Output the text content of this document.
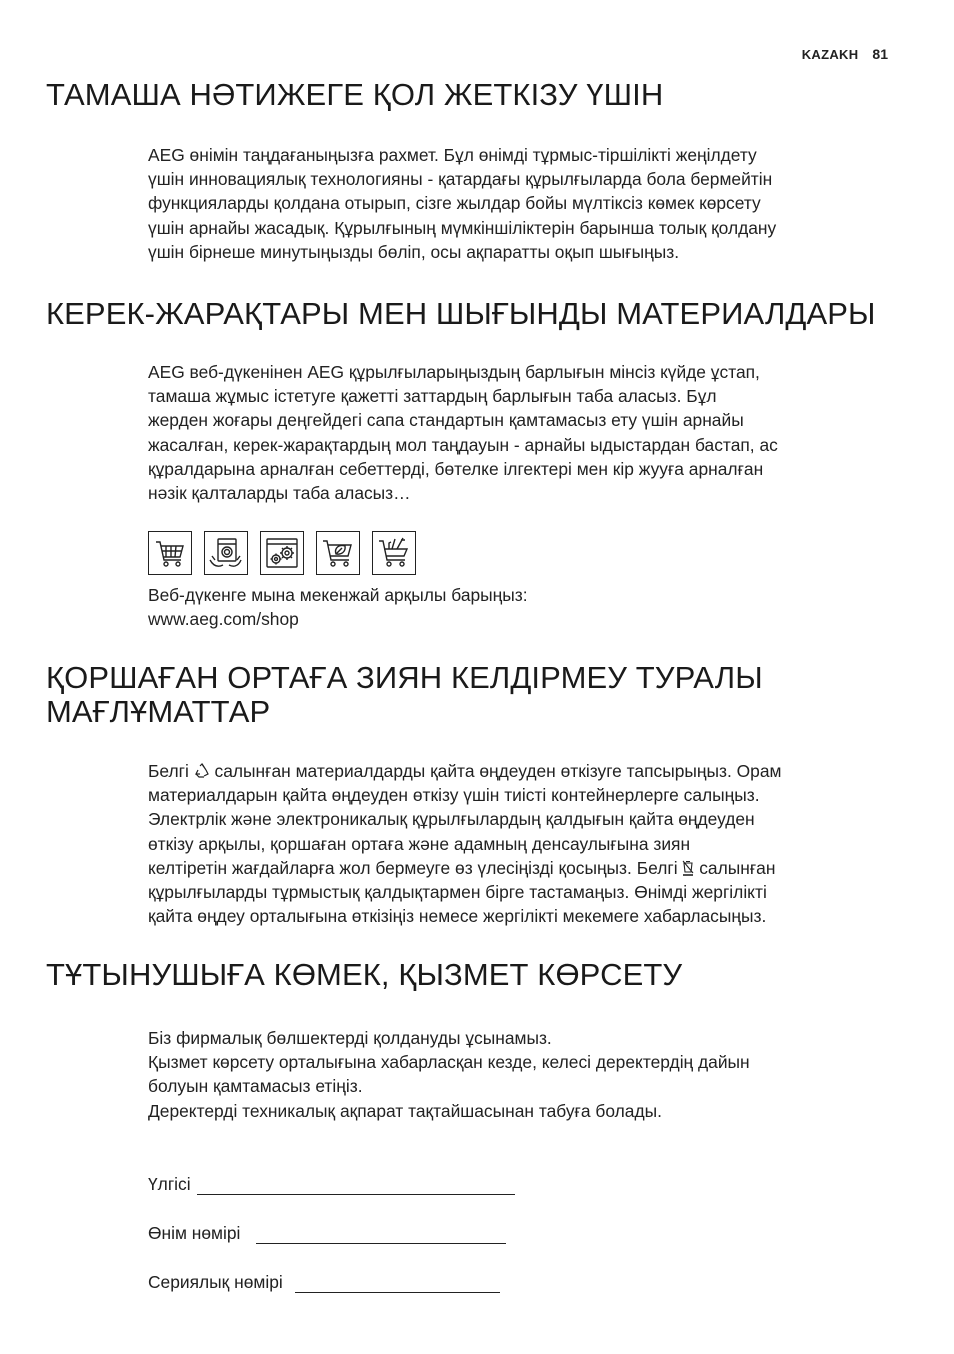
KAZAKH 81
ТАМАША НӘТИЖЕГЕ ҚОЛ ЖЕТКІЗУ ҮШІН
AEG өнімін таңдағаныңызға рахмет. Бұл өнімді тұрмыс-тіршілікті жеңілдету
үшін инновациялық технологияны - қатардағы құрылғыларда бола бермейтін
функцияларды қолдана отырып, сізге жылдар бойы мүлтіксіз көмек көрсету
үшін арнайы жасадық. Құрылғының мүмкіншіліктерін барынша толық қолдану
үшін бірнеше минутыңызды бөліп, осы ақпаратты оқып шығыңыз.
КЕРЕК-ЖАРАҚТАРЫ МЕН ШЫҒЫНДЫ МАТЕРИАЛДАРЫ
AEG веб-дүкенінен AEG құрылғыларыңыздың барлығын мінсіз күйде ұстап,
тамаша жұмыс істетуге қажетті заттардың барлығын таба аласыз. Бұл
жерден жоғары деңгейдегі сапа стандартын қамтамасыз ету үшін арнайы
жасалған, керек-жарақтардың мол таңдауын - арнайы ыдыстардан бастап, ас
құралдарына арналған себеттерді, бөтелке ілгектері мен кір жууға арналған
нәзік қалталарды таба аласыз…
Веб-дүкенге мына мекенжай арқылы барыңыз:
www.aeg.com/shop
ҚОРШАҒАН ОРТАҒА ЗИЯН КЕЛДІРМЕУ ТУРАЛЫ
МАҒЛҰМАТТАР
Белгі  салынған материалдарды қайта өңдеуден өткізуге тапсырыңыз. Орам
материалдарын қайта өңдеуден өткізу үшін тиісті контейнерлерге салыңыз.
Электрлік және электроникалық құрылғылардың қалдығын қайта өңдеуден
өткізу арқылы, қоршаған ортаға және адамның денсаулығына зиян
келтіретін жағдайларға жол бермеуге өз үлесіңізді қосыңыз. Белгі  салынған
құрылғыларды тұрмыстық қалдықтармен бірге тастамаңыз. Өнімді жергілікті
қайта өңдеу орталығына өткізіңіз немесе жергілікті мекемеге хабарласыңыз.
ТҰТЫНУШЫҒА КӨМЕК, ҚЫЗМЕТ КӨРСЕТУ
Біз фирмалық бөлшектерді қолдануды ұсынамыз.
Қызмет көрсету орталығына хабарласқан кезде, келесі деректердің дайын
болуын қамтамасыз етіңіз.
Деректерді техникалық ақпарат тақтайшасынан табуға болады.
Үлгісі
Өнім нөмірі
Сериялық нөмірі
